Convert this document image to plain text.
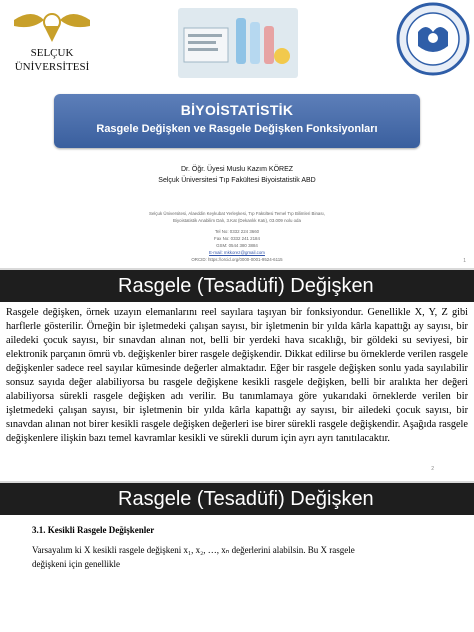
SELÇUK
ÜNİVERSİTESİ
BİYOİSTATİSTİK
Rasgele Değişken ve Rasgele Değişken Fonksiyonları
Dr. Öğr. Üyesi Muslu Kazım KÖREZ
Selçuk Üniversitesi Tıp Fakültesi Biyoistatistik ABD
Selçuk Üniversitesi, Alaeddin Keykubat Yerleşkesi, Tıp Fakültesi Temel Tıp Bilimleri Binası,
Biyoistatistik Anabilim Dalı, 3.Kat (Dekanlık Katı), 03.009 nolu oda
Tel No: 0332 224 3660
Fax No: 0332 241 2184
GSM: 0544 380 3884
E-mail: mkkorez@gmail.com
ORCID: https://orcid.org/0000-0001-9524-6115	1
Rasgele (Tesadüfi) Değişken
Rasgele değişken, örnek uzayın elemanlarını reel sayılara taşıyan bir fonksiyondur. Genellikle X, Y, Z gibi harflerle gösterilir. Örneğin bir işletmedeki çalışan sayısı, bir işletmenin bir yılda kârla kapattığı ay sayısı, bir ailedeki çocuk sayısı, bir sınavdan alınan not, belli bir yerdeki hava sıcaklığı, bir göldeki su seviyesi, bir elektronik parçanın ömrü vb. değişkenler birer rasgele değişkendir. Dikkat edilirse bu örneklerde verilen rasgele değişkenler sadece reel sayılar kümesinde değerler almaktadır. Eğer bir rasgele değişken sonlu yada sayılabilir sonsuz sayıda değer alabiliyorsa bu rasgele değişkene kesikli rasgele değişken, belli bir aralıkta her değeri alabiliyorsa sürekli rasgele değişken adı verilir. Bu tanımlamaya göre yukarıdaki örneklerde verilen bir işletmedeki çalışan sayısı, bir işletmenin bir yılda kârla kapattığı ay sayısı, bir ailedeki çocuk sayısı, bir sınavdan alınan not birer kesikli rasgele değişken değerleri ise birer sürekli rasgele değişkendir. Aşağıda rasgele değişkenlere ilişkin bazı temel kavramlar kesikli ve sürekli durum için ayrı ayrı tanıtılacaktır.
2
Rasgele (Tesadüfi) Değişken
3.1. Kesikli Rasgele Değişkenler
Varsayalım ki X kesikli rasgele değişkeni x₁, x₂, …, xₙ değerlerini alabilsin. Bu X rasgele
değişkeni için genellikle
